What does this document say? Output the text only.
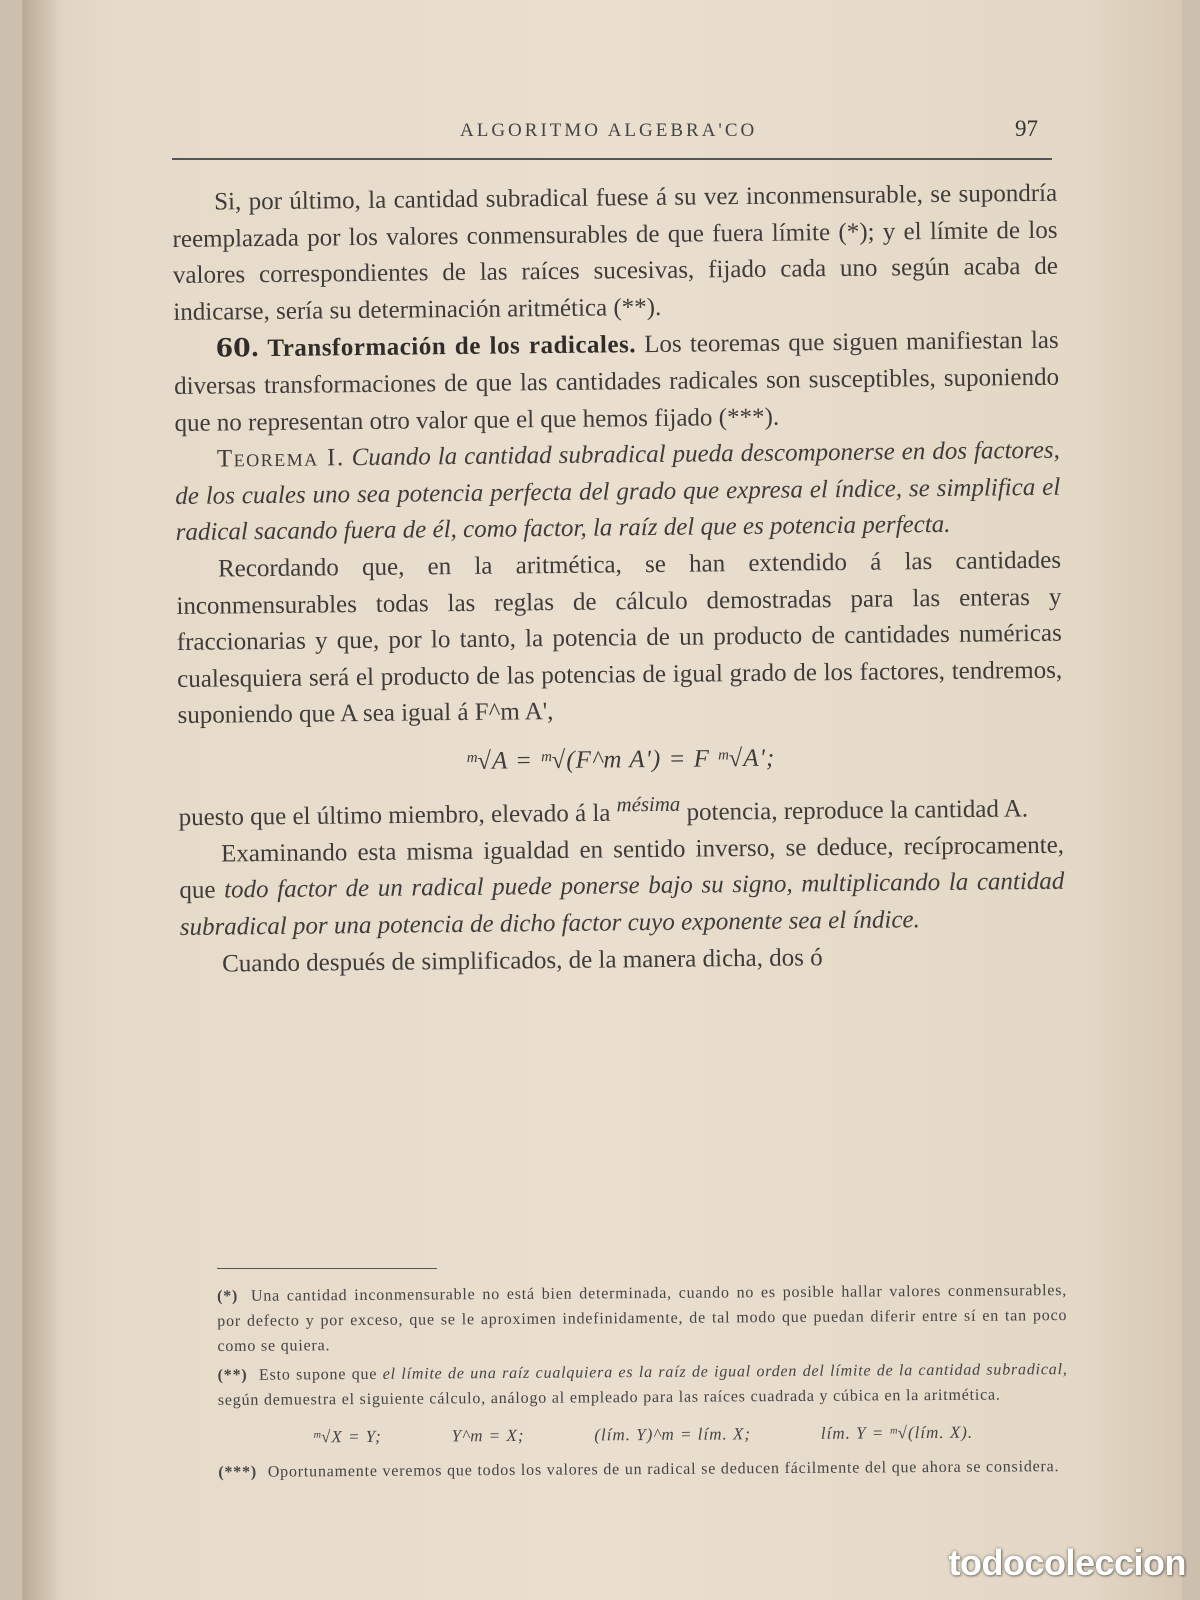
ALGORITMO ALGEBRA'CO	97

Si, por último, la cantidad subradical fuese á su vez inconmensurable, se supondría reemplazada por los valores conmensurables de que fuera límite (*); y el límite de los valores correspondientes de las raíces sucesivas, fijado cada uno según acaba de indicarse, sería su determinación aritmética (**).

60. Transformación de los radicales. Los teoremas que siguen manifiestan las diversas transformaciones de que las cantidades radicales son susceptibles, suponiendo que no representan otro valor que el que hemos fijado (***).

Teorema I. Cuando la cantidad subradical pueda descomponerse en dos factores, de los cuales uno sea potencia perfecta del grado que expresa el índice, se simplifica el radical sacando fuera de él, como factor, la raíz del que es potencia perfecta.

Recordando que, en la aritmética, se han extendido á las cantidades inconmensurables todas las reglas de cálculo demostradas para las enteras y fraccionarias y que, por lo tanto, la potencia de un producto de cantidades numéricas cualesquiera será el producto de las potencias de igual grado de los factores, tendremos, suponiendo que A sea igual á F^m A',

ᵐ√A = ᵐ√(F^m A') = F ᵐ√A';

puesto que el último miembro, elevado á la $^{mésima}$ potencia, reproduce la cantidad A.

Examinando esta misma igualdad en sentido inverso, se deduce, recíprocamente, que todo factor de un radical puede ponerse bajo su signo, multiplicando la cantidad subradical por una potencia de dicho factor cuyo exponente sea el índice.

Cuando después de simplificados, de la manera dicha, dos ó

(*) Una cantidad inconmensurable no está bien determinada, cuando no es posible hallar valores conmensurables, por defecto y por exceso, que se le aproximen indefinidamente, de tal modo que puedan diferir entre sí en tan poco como se quiera.

(**) Esto supone que el límite de una raíz cualquiera es la raíz de igual orden del límite de la cantidad subradical, según demuestra el siguiente cálculo, análogo al empleado para las raíces cuadrada y cúbica en la aritmética.

ᵐ√X = Y;	Y^m = X;	(lím. Y)^m = lím. X;	lím. Y = ᵐ√(lím. X).

(***) Oportunamente veremos que todos los valores de un radical se deducen fácilmente del que ahora se considera.

todocoleccion
